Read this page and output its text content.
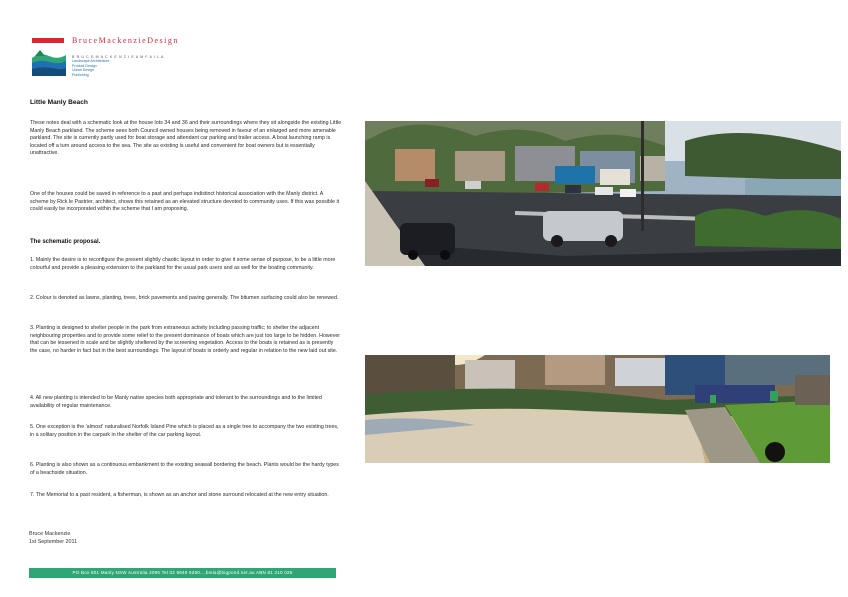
BruceMackenzieDesign
B R U C E M A C K E N Z I E A M F A I L A
Landscape Architecture
Product Design
Urban Design
Publishing
Little Manly Beach

These notes deal with a schematic look at the house lots 34 and 36 and their surroundings where they sit alongside the existing Little Manly Beach parkland. The scheme sees both Council owned houses being removed in favour of an enlarged and more amenable parkland. The site is currently partly used for boat storage and attendant car parking and trailer access. A boat launching ramp is located off a turn around access to the sea. The site as existing is useful and convenient for boat owners but is essentially unattractive.

One of the houses could be saved in reference to a past and perhaps indistinct historical association with the Manly district. A scheme by Rick le Pastrier, architect, shows this retained as an elevated structure devoted to community uses. If this was possible it could easily be incorporated within the scheme that I am proposing.

The schematic proposal.

1. Mainly the desire is to reconfigure the present slightly chaotic layout in order to give it some sense of purpose, to be a little more colourful and provide a pleasing extension to the parkland for the usual park users and as well for the boating community.

2. Colour is denoted as lawns, planting, trees, brick pavements and paving generally. The bitumen surfacing could also be renewed.

3. Planting is designed to shelter people in the park from extraneous activity including passing traffic; to shelter the adjacent neighbouring properties and to provide some relief to the present dominance of boats which are just too large to be hidden. However that can be lessened in scale and be slightly sheltered by the screening vegetation. Access to the boats is retained as is presently the case, no harder in fact but in the best surroundings. The layout of boats is orderly and regular in relation to the new laid out site.

4. All new planting is intended to be Manly native species both appropriate and tolerant to the surroundings and to the limited availability of regular maintenance.

5. One exception is the 'almost' naturalised Norfolk Island Pine which is placed as a single tree to accompany the two existing trees, in a solitary position in the carpark in the shelter of the car parking layout.

6. Planting is also shown as a continuous embankment to the existing seawall bordering the beach. Plants would be the hardy types of a beachside situation.

7. The Memorial to a past resident, a fisherman, is shown as an anchor and stone surround relocated at the new entry situation.

Bruce Mackenzie
1st September 2011
PO Box 801 Manly NSW Australia 2095 Tel 02 9849 6260....bmla@bigpond.net.au ABN 81 210 025
